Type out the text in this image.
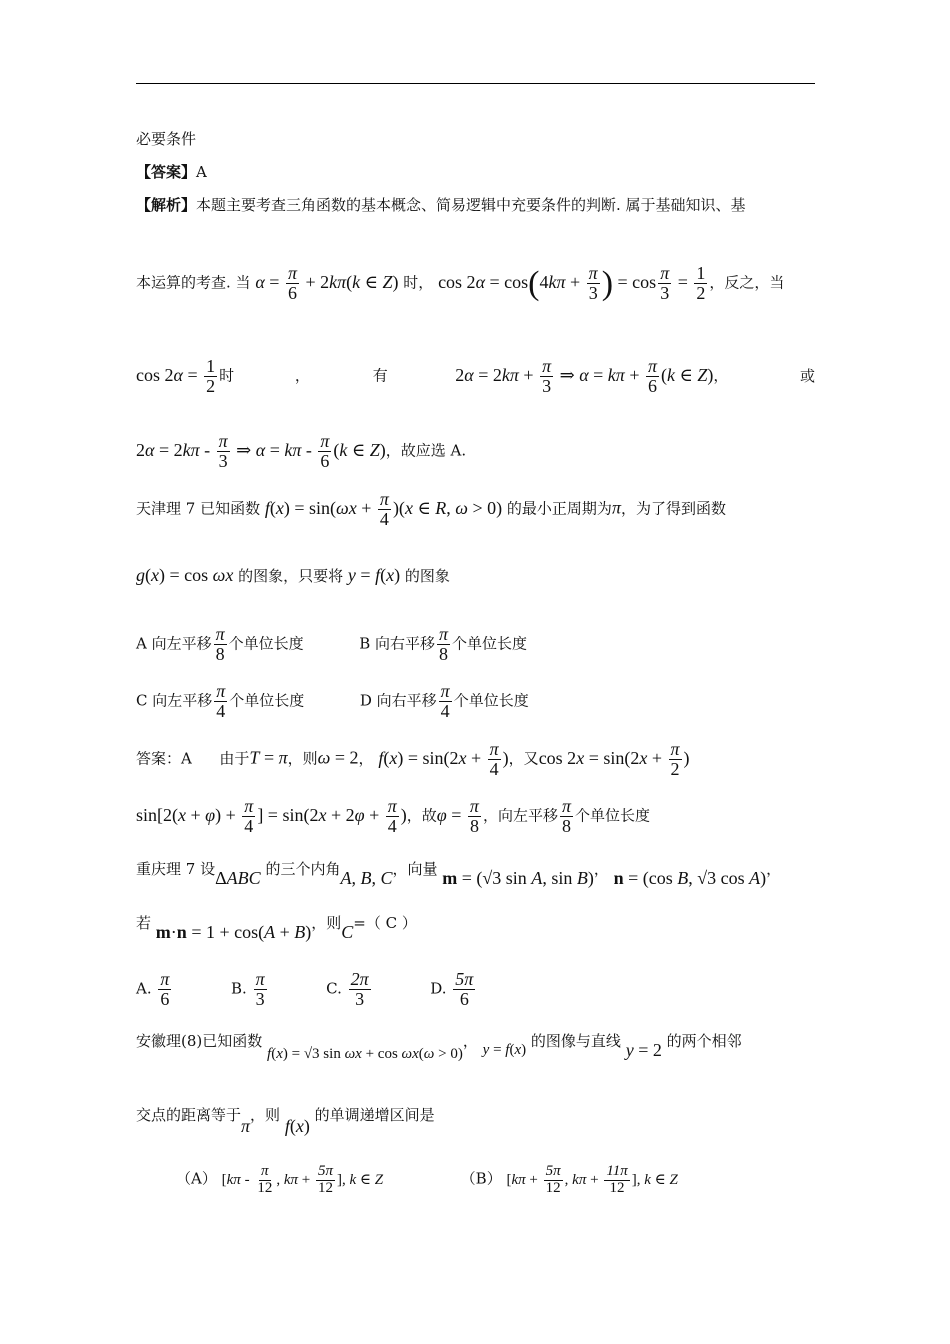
必要条件
【答案】A
【解析】本题主要考查三角函数的基本概念、简易逻辑中充要条件的判断. 属于基础知识、基
本运算的考查. 当 $\alpha = \frac{\pi}{6} + 2k\pi(k$ ∈ Z) 时， $\cos 2\alpha = \cos(4k\pi + \frac{\pi}{3}$ ) = $\cos \frac{\pi}{3} = \frac{1}{2}$ ，反之，当
$\cos 2\alpha = \frac{1}{2}$ 时	，	有	$2\alpha = 2k\pi + \frac{\pi}{3}$ ⇒ $\alpha = k\pi + \frac{\pi}{6} (k$ ∈ Z)，	或
$2\alpha = 2k\pi - \frac{\pi}{3}$ ⇒ $\alpha = k\pi - \frac{\pi}{6} (k$ ∈ Z)，故应选 A.
天津理 7 已知函数 $f(x) = \sin(\omega x + \frac{\pi}{4} )(x$ ∈ R, ω > 0) 的最小正周期为π，为了得到函数
g(x) = cos ωx 的图象，只要将 y = f(x) 的图象
A 向左平移 $\frac{\pi}{8}$ 个单位长度	B 向右平移 $\frac{\pi}{8}$ 个单位长度
C 向左平移 $\frac{\pi}{4}$ 个单位长度	D 向右平移 $\frac{\pi}{4}$ 个单位长度
答案：A 由于T = π，则ω = 2， $f(x) = \sin(2x + \frac{\pi}{4}$ )，又$\cos 2x = \sin(2x + \frac{\pi}{2}$ )
$\sin[2(x + \varphi) + \frac{\pi}{4}$ ] = $\sin(2x + 2\varphi + \frac{\pi}{4}$ )，故$\varphi = \frac{\pi}{8}$ ，向左平移 $\frac{\pi}{8}$ 个单位长度
重庆理 7 设ΔABC 的三个内角A, B, C，向量 m = (√3 sin A, sin B)， n = (cos B, √3 cos A)，
若 m·n = 1 + cos(A + B)，则C=（ C ）
A. $\frac{\pi}{6}$	B. $\frac{\pi}{3}$	C. $\frac{2\pi}{3}$	D. $\frac{5\pi}{6}$
安徽理(8)已知函数 f(x) = √3 sin ωx + cos ωx(ω > 0)， y = f(x) 的图像与直线 y = 2 的两个相邻
交点的距离等于π，则 f(x) 的单调递增区间是
（A） [$k\pi - \frac{\pi}{12}$ , $k\pi + \frac{5\pi}{12}$ ], k ∈ Z	（B） [$k\pi + \frac{5\pi}{12}$ , $k\pi + \frac{11\pi}{12}$ ], k ∈ Z
